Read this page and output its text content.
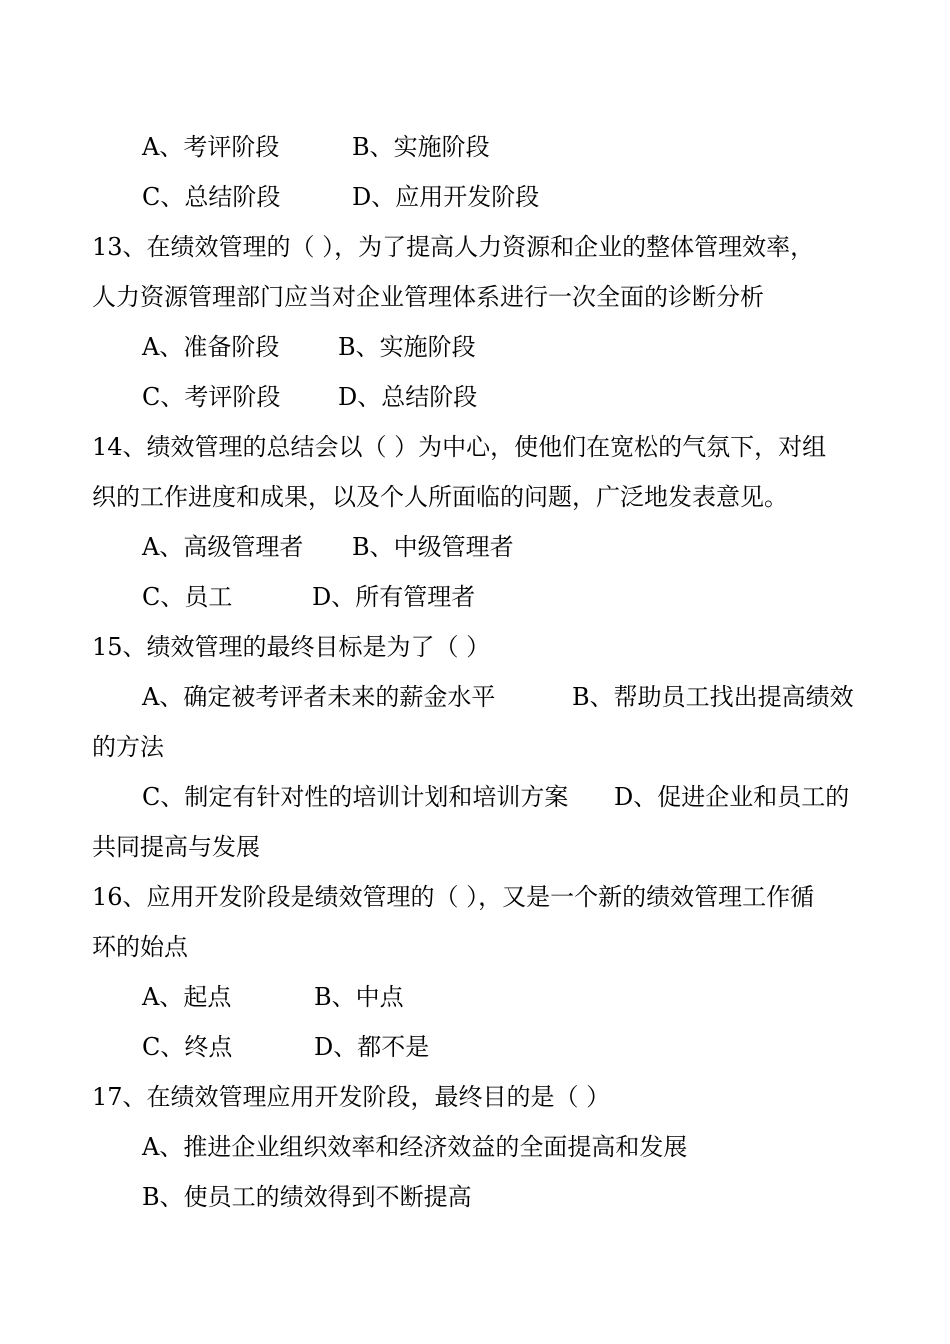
A、考评阶段	B、实施阶段
C、总结阶段	D、应用开发阶段
13、在绩效管理的（ ），为了提高人力资源和企业的整体管理效率，
人力资源管理部门应当对企业管理体系进行一次全面的诊断分析
A、准备阶段 B、实施阶段
C、考评阶段 D、总结阶段
14、绩效管理的总结会以（ ）为中心，使他们在宽松的气氛下，对组
织的工作进度和成果，以及个人所面临的问题，广泛地发表意见。
A、高级管理者 B、中级管理者
C、员工	D、所有管理者
15、绩效管理的最终目标是为了（ ）
A、确定被考评者未来的薪金水平	B、帮助员工找出提高绩效
的方法
C、制定有针对性的培训计划和培训方案 D、促进企业和员工的
共同提高与发展
16、应用开发阶段是绩效管理的（ ），又是一个新的绩效管理工作循
环的始点
A、起点	B、中点
C、终点	D、都不是
17、在绩效管理应用开发阶段，最终目的是（ ）
A、推进企业组织效率和经济效益的全面提高和发展
B、使员工的绩效得到不断提高
